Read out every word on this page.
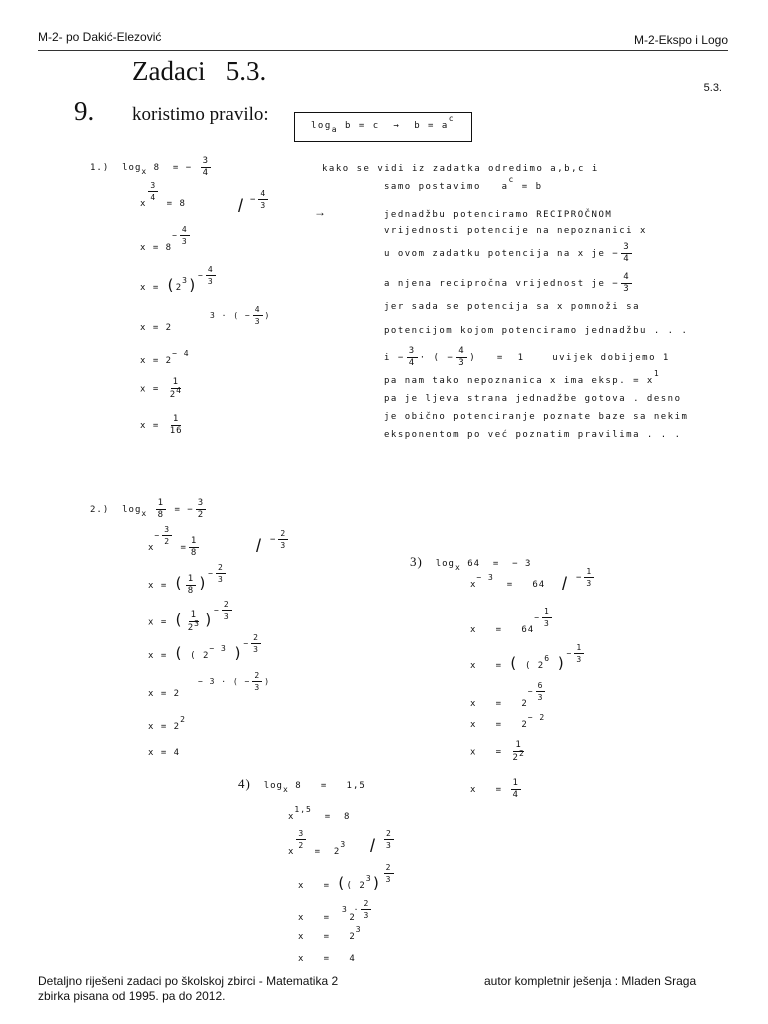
M-2- po Dakić-Elezović	M-2-Ekspo i Logo
5.3.
Zadaci   5.3.
9. koristimo pravilo:
loga b = c  →  b = ac
1.) logx 8 = − $\frac{3}{4}$
x
$\frac{3}{4}$
= 8	/ − $\frac{4}{3}$
→
$x = 8- \frac{4}{3}$
$x = (23)- \frac{4}{3}$
3 · ( − $\frac{4}{3}$ )
x = 2
x = 2− 4
$x = \frac{1}{24}$
$x = \frac{1}{16}$
kako se vidi iz zadatka odredimo a,b,c i
samo postavimo ac = b
jednadžbu potenciramo RECIPROČNOM
vrijednosti potencije na nepoznanici x
u ovom zadatku potencija na x je − $\frac{3}{4}$
a njena recipročna vrijednost je − $\frac{4}{3}$
jer sada se potencija sa x pomnoži sa
potencijom kojom potenciramo jednadžbu . . .
$i - \frac{3}{4}$ · ( − $\frac{4}{3}$ )   =  1    uvijek dobijemo 1
pa nam tako nepoznanica x ima eksp. = x1
pa je ljeva strana jednadžbe gotova . desno
je obično potenciranje poznate baze sa nekim
eksponentom po već poznatim pravilima . . .
2.) logx $\frac{1}{8}$ = − $\frac{3}{2}$
$x- \frac{3}{2}$
= $\frac{1}{8}$	/ − $\frac{2}{3}$
x = ( $\frac{1}{8}$ )− $\frac{2}{3}$
x = ( $\frac{1}{23}$ )− $\frac{2}{3}$
x = ( ( 2− 3 )− $\frac{2}{3}$
− 3 · ( − $\frac{2}{3}$ )
x = 2
x = 22
x = 4
3) logx 64  =  − 3
x− 3  =   64 / − $\frac{1}{3}$
$x = 64- \frac{1}{3}$
x   = ( ( 26 )− $\frac{1}{3}$
$x = 2- \frac{6}{3}$
x   =   2− 2
$x = \frac{1}{22}$
$x = \frac{1}{4}$
4) logx 8   =   1,5
x1,5  =  8
x
$\frac{3}{2}$
=  $23 / \frac{2}{3}$
x   = (( $23) \frac{2}{3}$
$3 \cdot \frac{2}{3}$
x   =   2
x   =   23
x   =   4
Detaljno riješeni zadaci po školskoj zbirci - Matematika 2
zbirka pisana od 1995. pa do 2012.
autor kompletnir ješenja : Mladen Sraga
